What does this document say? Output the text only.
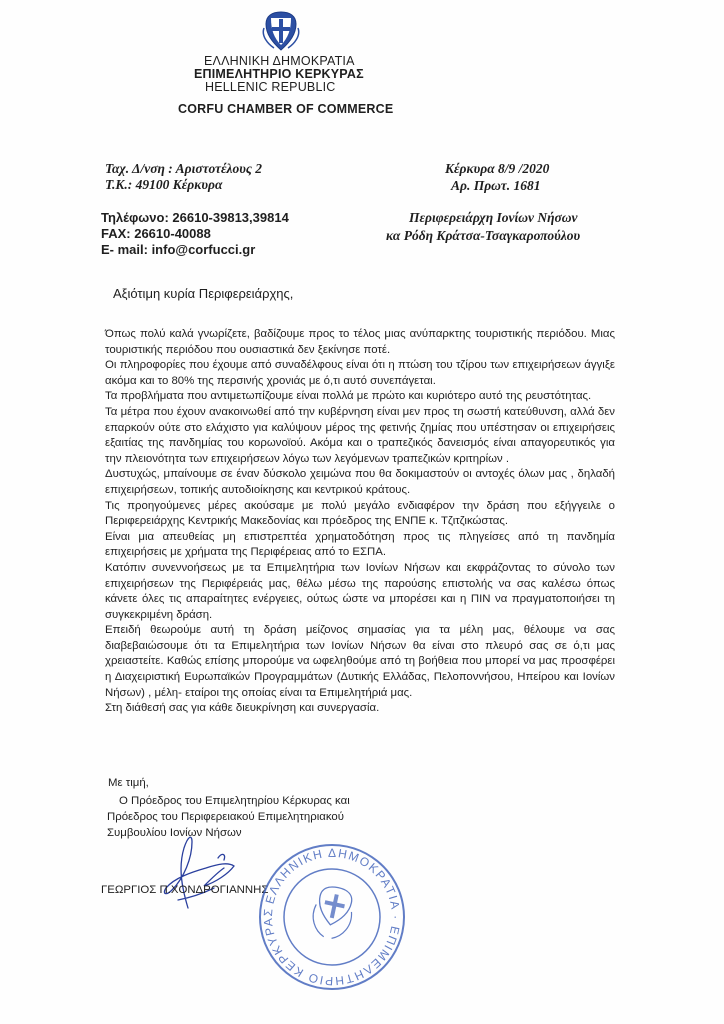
ΕΛΛΗΝΙΚΗ ΔΗΜΟΚΡΑΤΙΑ
ΕΠΙΜΕΛΗΤΗΡΙΟ ΚΕΡΚΥΡΑΣ
HELLENIC REPUBLIC
CORFU CHAMBER OF COMMERCE
Ταχ. Δ/νση : Αριστοτέλους 2
Τ.Κ.: 49100 Κέρκυρα
Τηλέφωνο: 26610-39813,39814
FAX: 26610-40088
E- mail: info@corfucci.gr
Κέρκυρα 8/9 /2020
Αρ. Πρωτ. 1681
Περιφερειάρχη Ιονίων Νήσων
κα Ρόδη Κράτσα-Τσαγκαροπούλου
Αξιότιμη κυρία Περιφερειάρχης,

Όπως πολύ καλά γνωρίζετε, βαδίζουμε προς το τέλος μιας ανύπαρκτης τουριστικής περιόδου. Μιας τουριστικής περιόδου που ουσιαστικά δεν ξεκίνησε ποτέ.

Οι πληροφορίες που έχουμε από συναδέλφους είναι ότι η πτώση του τζίρου των επιχειρήσεων άγγιξε ακόμα και το 80% της περσινής χρονιάς με ό,τι αυτό συνεπάγεται.

Τα προβλήματα που αντιμετωπίζουμε είναι πολλά με πρώτο και κυριότερο αυτό της ρευστότητας.

Τα μέτρα που έχουν ανακοινωθεί από την κυβέρνηση είναι μεν προς τη σωστή κατεύθυνση, αλλά δεν επαρκούν ούτε στο ελάχιστο για καλύψουν μέρος της φετινής ζημίας που υπέστησαν οι επιχειρήσεις εξαιτίας της πανδημίας του κορωνοϊού. Ακόμα και ο τραπεζικός δανεισμός είναι απαγορευτικός για την πλειονότητα των επιχειρήσεων λόγω των λεγόμενων τραπεζικών κριτηρίων .

Δυστυχώς, μπαίνουμε σε έναν δύσκολο χειμώνα που θα δοκιμαστούν οι αντοχές όλων μας , δηλαδή επιχειρήσεων, τοπικής αυτοδιοίκησης και κεντρικού κράτους.

Τις προηγούμενες μέρες ακούσαμε με πολύ μεγάλο ενδιαφέρον την δράση που εξήγγειλε ο Περιφερειάρχης Κεντρικής Μακεδονίας και πρόεδρος της ΕΝΠΕ κ. Τζιτζικώστας.

Είναι μια απευθείας μη επιστρεπτέα χρηματοδότηση προς τις πληγείσες από τη πανδημία επιχειρήσεις με χρήματα της Περιφέρειας από το ΕΣΠΑ.

Κατόπιν συνεννοήσεως με τα Επιμελητήρια των Ιονίων Νήσων και εκφράζοντας το σύνολο των επιχειρήσεων της Περιφέρειάς μας, θέλω μέσω της παρούσης επιστολής να σας καλέσω όπως κάνετε όλες τις απαραίτητες ενέργειες, ούτως ώστε να μπορέσει και η ΠΙΝ να πραγματοποιήσει τη συγκεκριμένη δράση.

Επειδή θεωρούμε αυτή τη δράση μείζονος σημασίας για τα μέλη μας, θέλουμε να σας διαβεβαιώσουμε ότι τα Επιμελητήρια των Ιονίων Νήσων θα είναι στο πλευρό σας σε ό,τι μας χρειαστείτε. Καθώς επίσης μπορούμε να ωφεληθούμε από τη βοήθεια που μπορεί να μας προσφέρει η Διαχειριστική Ευρωπαϊκών Προγραμμάτων (Δυτικής Ελλάδας, Πελοποννήσου, Ηπείρου και Ιονίων Νήσων) , μέλη- εταίροι της οποίας είναι τα Επιμελητήριά μας.

Στη διάθεσή σας για κάθε διευκρίνηση και συνεργασία.

Με τιμή,
Ο Πρόεδρος του Επιμελητηρίου Κέρκυρας και
Πρόεδρος του Περιφερειακού Επιμελητηριακού
Συμβουλίου Ιονίων Νήσων
ΓΕΩΡΓΙΟΣ Π.ΧΟΝΔΡΟΓΙΑΝΝΗΣ
ΕΛΛΗΝΙΚΗ ΔΗΜΟΚΡΑΤΙΑ · ΕΠΙΜΕΛΗΤΗΡΙΟ ΚΕΡΚΥΡΑΣ
